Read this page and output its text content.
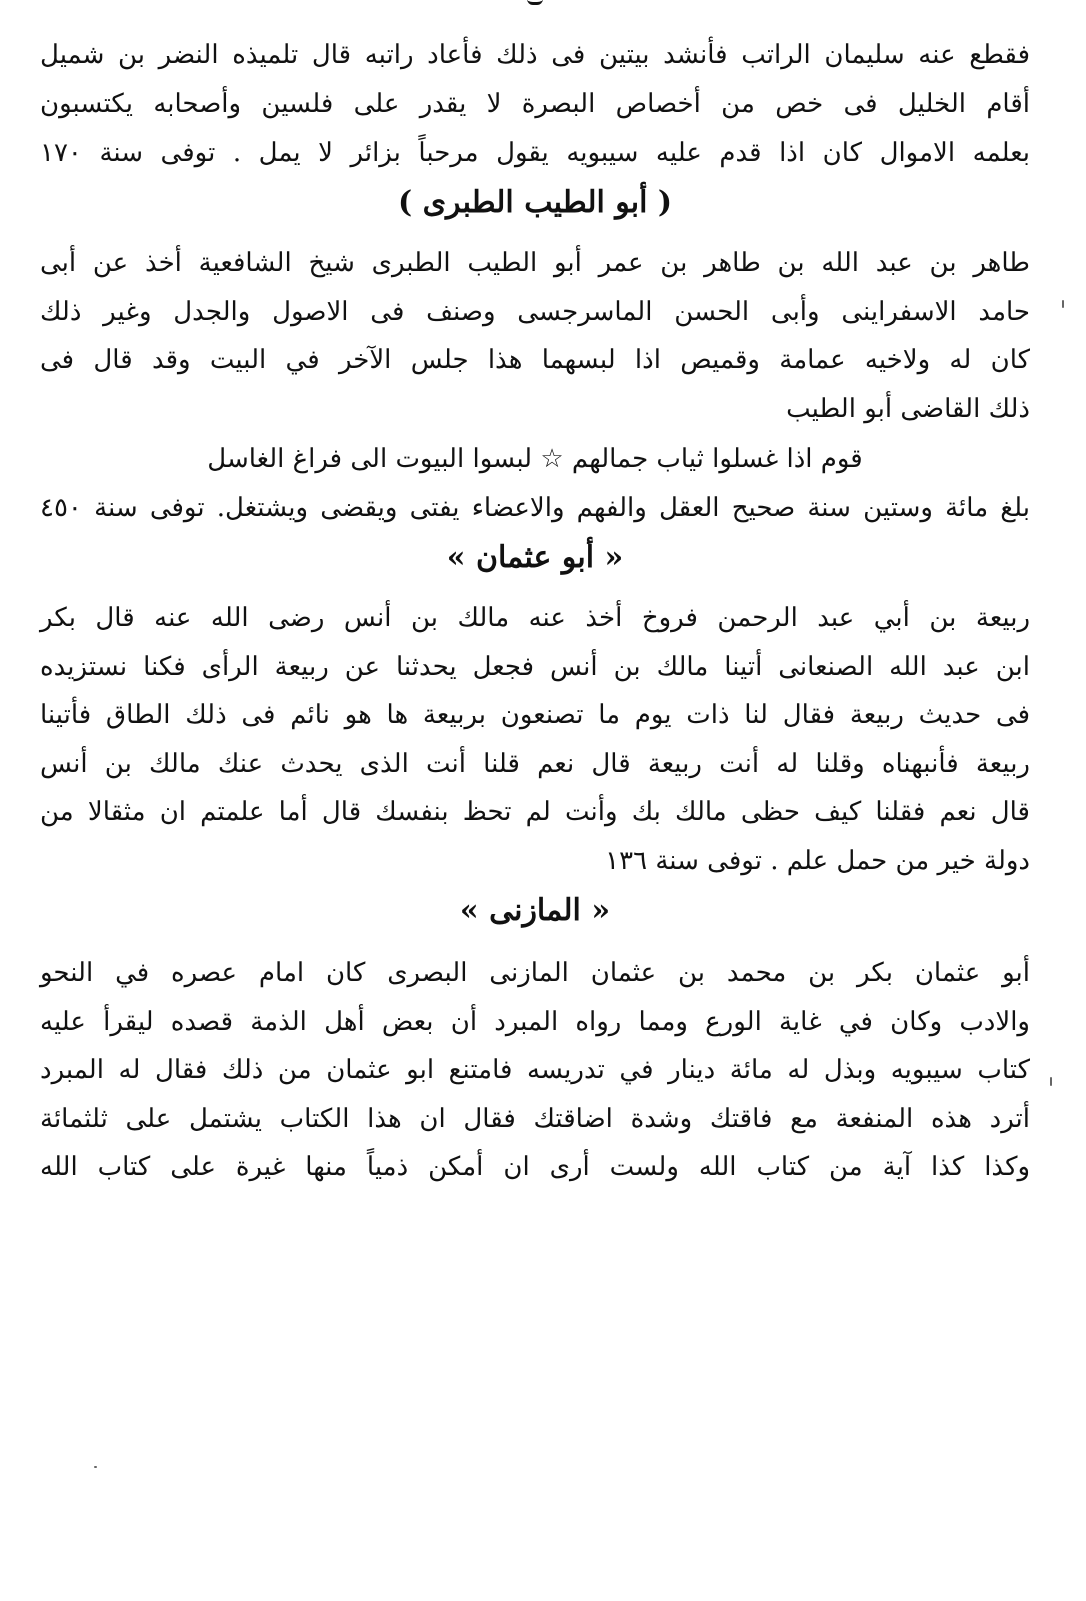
فقطع عنه سليمان الراتب فأنشد بيتين فى ذلك فأعاد راتبه قال تلميذه النضر بن شميل
أقام الخليل فى خص من أخصاص البصرة لا يقدر على فلسين وأصحابه يكتسبون
بعلمه الاموال كان اذا قدم عليه سيبويه يقول مرحباً بزائر لا يمل . توفى سنة ١٧٠
( أبو الطيب الطبرى )
طاهر بن عبد الله بن طاهر بن عمر أبو الطيب الطبرى شيخ الشافعية أخذ عن أبى
حامد الاسفراينى وأبى الحسن الماسرجسى وصنف فى الاصول والجدل وغير ذلك
كان له ولاخيه عمامة وقميص اذا لبسهما هذا جلس الآخر في البيت وقد قال فى
ذلك القاضى أبو الطيب
قوم اذا غسلوا ثياب جمالهم ☆ لبسوا البيوت الى فراغ الغاسل
بلغ مائة وستين سنة صحيح العقل والفهم والاعضاء يفتى ويقضى ويشتغل. توفى سنة ٤٥٠
« أبو عثمان »
ربيعة بن أبي عبد الرحمن فروخ أخذ عنه مالك بن أنس رضى الله عنه قال بكر
ابن عبد الله الصنعانى أتينا مالك بن أنس فجعل يحدثنا عن ربيعة الرأى فكنا نستزيده
فى حديث ربيعة فقال لنا ذات يوم ما تصنعون بربيعة ها هو نائم فى ذلك الطاق فأتينا
ربيعة فأنبهناه وقلنا له أنت ربيعة قال نعم قلنا أنت الذى يحدث عنك مالك بن أنس
قال نعم فقلنا كيف حظى مالك بك وأنت لم تحظ بنفسك قال أما علمتم ان مثقالا من
دولة خير من حمل علم . توفى سنة ١٣٦
« المازنى »
أبو عثمان بكر بن محمد بن عثمان المازنى البصرى كان امام عصره في النحو
والادب وكان في غاية الورع ومما رواه المبرد أن بعض أهل الذمة قصده ليقرأ عليه
كتاب سيبويه وبذل له مائة دينار في تدريسه فامتنع ابو عثمان من ذلك فقال له المبرد
أترد هذه المنفعة مع فاقتك وشدة اضاقتك فقال ان هذا الكتاب يشتمل على ثلثمائة
وكذا كذا آية من كتاب الله ولست أرى ان أمكن ذمياً منها غيرة على كتاب الله
